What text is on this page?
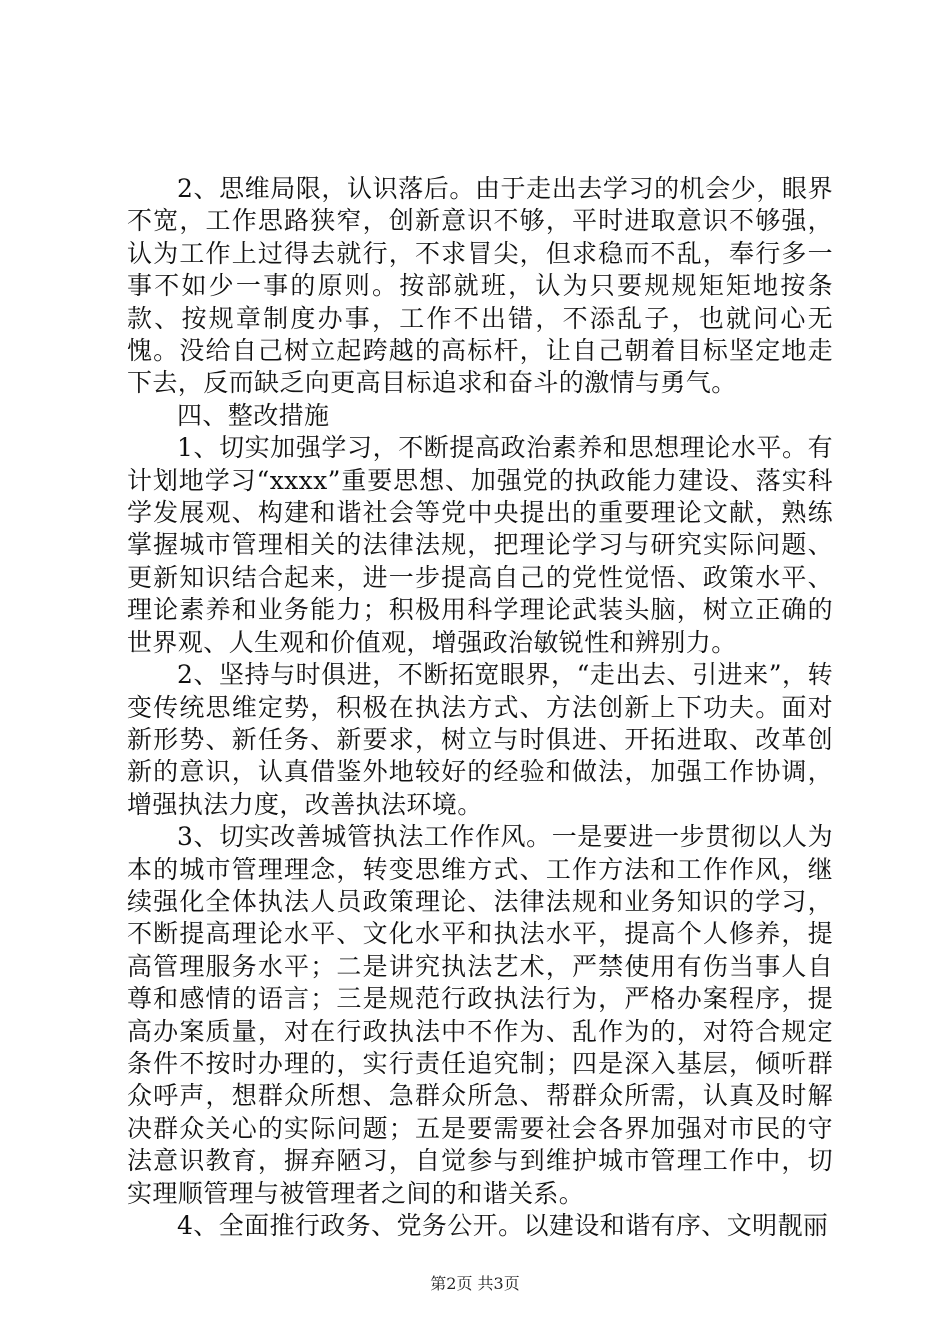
2、思维局限，认识落后。由于走出去学习的机会少，眼界不宽，工作思路狭窄，创新意识不够，平时进取意识不够强，认为工作上过得去就行，不求冒尖，但求稳而不乱，奉行多一事不如少一事的原则。按部就班，认为只要规规矩矩地按条款、按规章制度办事，工作不出错，不添乱子，也就问心无愧。没给自己树立起跨越的高标杆，让自己朝着目标坚定地走下去，反而缺乏向更高目标追求和奋斗的激情与勇气。

四、整改措施

1、切实加强学习，不断提高政治素养和思想理论水平。有计划地学习“xxxx”重要思想、加强党的执政能力建设、落实科学发展观、构建和谐社会等党中央提出的重要理论文献，熟练掌握城市管理相关的法律法规，把理论学习与研究实际问题、更新知识结合起来，进一步提高自己的党性觉悟、政策水平、理论素养和业务能力；积极用科学理论武装头脑，树立正确的世界观、人生观和价值观，增强政治敏锐性和辨别力。

2、坚持与时俱进，不断拓宽眼界，“走出去、引进来”，转变传统思维定势，积极在执法方式、方法创新上下功夫。面对新形势、新任务、新要求，树立与时俱进、开拓进取、改革创新的意识，认真借鉴外地较好的经验和做法，加强工作协调，增强执法力度，改善执法环境。

3、切实改善城管执法工作作风。一是要进一步贯彻以人为本的城市管理理念，转变思维方式、工作方法和工作作风，继续强化全体执法人员政策理论、法律法规和业务知识的学习，不断提高理论水平、文化水平和执法水平，提高个人修养，提高管理服务水平；二是讲究执法艺术，严禁使用有伤当事人自尊和感情的语言；三是规范行政执法行为，严格办案程序，提高办案质量，对在行政执法中不作为、乱作为的，对符合规定条件不按时办理的，实行责任追究制；四是深入基层，倾听群众呼声，想群众所想、急群众所急、帮群众所需，认真及时解决群众关心的实际问题；五是要需要社会各界加强对市民的守法意识教育，摒弃陋习，自觉参与到维护城市管理工作中，切实理顺管理与被管理者之间的和谐关系。

4、全面推行政务、党务公开。以建设和谐有序、文明靓丽

第2页 共3页
